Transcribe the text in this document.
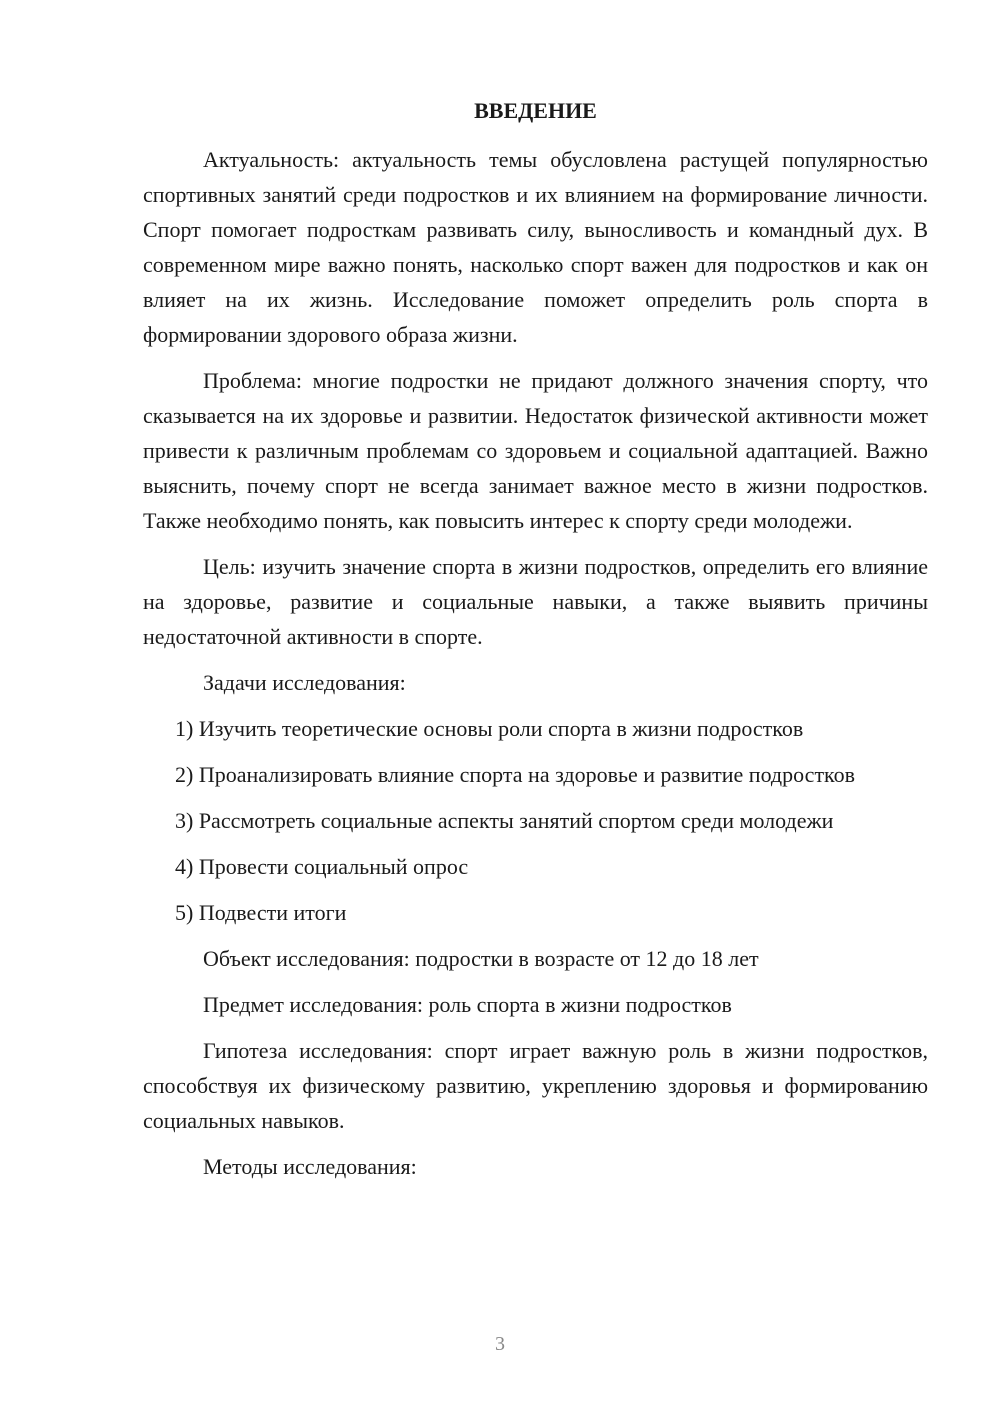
ВВЕДЕНИЕ

Актуальность: актуальность темы обусловлена растущей популярностью спортивных занятий среди подростков и их влиянием на формирование личности. Спорт помогает подросткам развивать силу, выносливость и командный дух. В современном мире важно понять, насколько спорт важен для подростков и как он влияет на их жизнь. Исследование поможет определить роль спорта в формировании здорового образа жизни.

Проблема: многие подростки не придают должного значения спорту, что сказывается на их здоровье и развитии. Недостаток физической активности может привести к различным проблемам со здоровьем и социальной адаптацией. Важно выяснить, почему спорт не всегда занимает важное место в жизни подростков. Также необходимо понять, как повысить интерес к спорту среди молодежи.

Цель: изучить значение спорта в жизни подростков, определить его влияние на здоровье, развитие и социальные навыки, а также выявить причины недостаточной активности в спорте.

Задачи исследования:

1) Изучить теоретические основы роли спорта в жизни подростков
2) Проанализировать влияние спорта на здоровье и развитие подростков
3) Рассмотреть социальные аспекты занятий спортом среди молодежи
4) Провести социальный опрос
5) Подвести итоги

Объект исследования: подростки в возрасте от 12 до 18 лет

Предмет исследования: роль спорта в жизни подростков

Гипотеза исследования: спорт играет важную роль в жизни подростков, способствуя их физическому развитию, укреплению здоровья и формированию социальных навыков.

Методы исследования:

3
